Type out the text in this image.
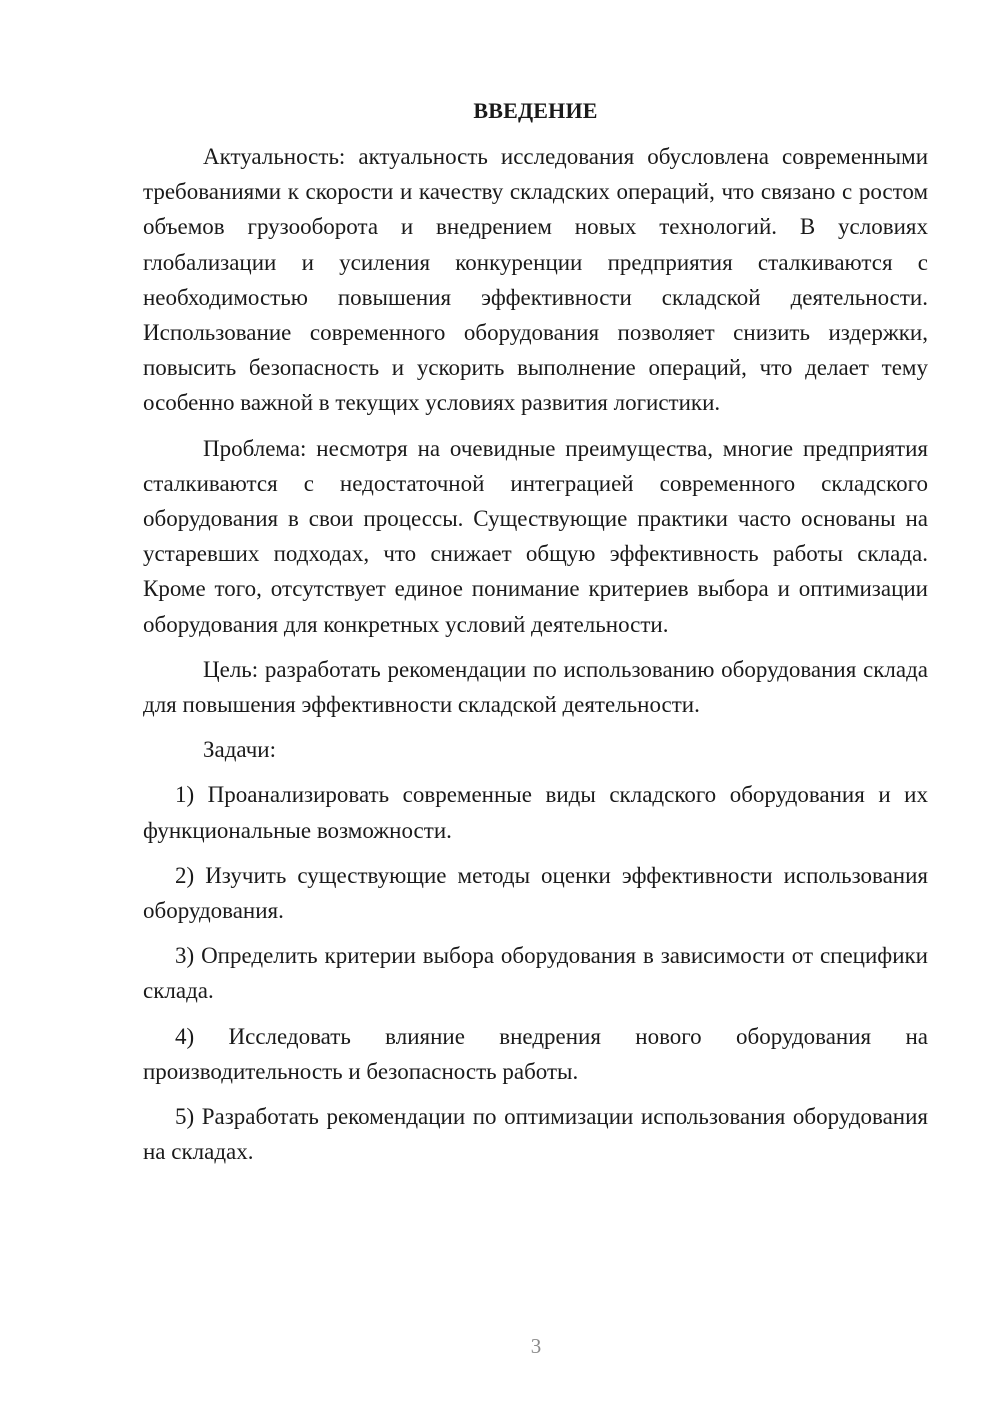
ВВЕДЕНИЕ

Актуальность: актуальность исследования обусловлена современными требованиями к скорости и качеству складских операций, что связано с ростом объемов грузооборота и внедрением новых технологий. В условиях глобализации и усиления конкуренции предприятия сталкиваются с необходимостью повышения эффективности складской деятельности. Использование современного оборудования позволяет снизить издержки, повысить безопасность и ускорить выполнение операций, что делает тему особенно важной в текущих условиях развития логистики.

Проблема: несмотря на очевидные преимущества, многие предприятия сталкиваются с недостаточной интеграцией современного складского оборудования в свои процессы. Существующие практики часто основаны на устаревших подходах, что снижает общую эффективность работы склада. Кроме того, отсутствует единое понимание критериев выбора и оптимизации оборудования для конкретных условий деятельности.

Цель: разработать рекомендации по использованию оборудования склада для повышения эффективности складской деятельности.

Задачи:

1) Проанализировать современные виды складского оборудования и их функциональные возможности.

2) Изучить существующие методы оценки эффективности использования оборудования.

3) Определить критерии выбора оборудования в зависимости от специфики склада.

4) Исследовать влияние внедрения нового оборудования на производительность и безопасность работы.

5) Разработать рекомендации по оптимизации использования оборудования на складах.

3
